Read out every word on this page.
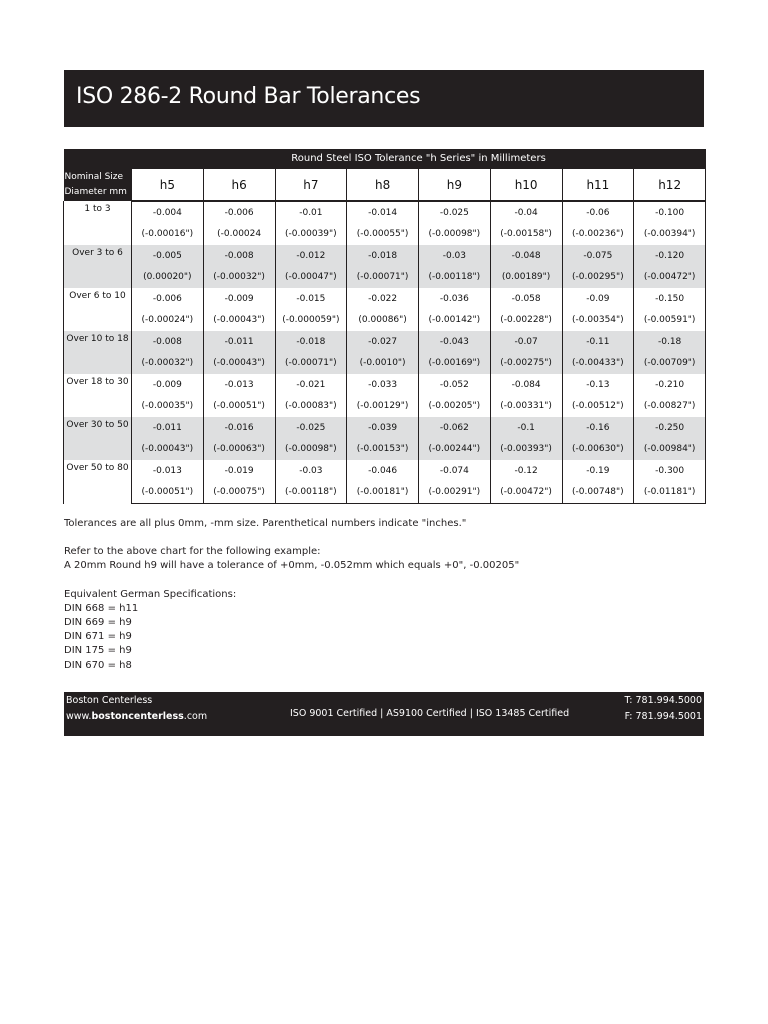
ISO 286-2 Round Bar Tolerances
	Round Steel ISO Tolerance "h Series" in Millimeters							

Nominal Size
Diameter mm	h5	h6	h7	h8	h9	h10	h11	h12
1 to 3	-0.004	-0.006	-0.01	-0.014	-0.025	-0.04	-0.06	-0.100
	(-0.00016")	(-0.00024	(-0.00039")	(-0.00055")	(-0.00098")	(-0.00158")	(-0.00236")	(-0.00394")
Over 3 to 6	-0.005	-0.008	-0.012	-0.018	-0.03	-0.048	-0.075	-0.120
	(0.00020")	(-0.00032")	(-0.00047")	(-0.00071")	(-0.00118")	(0.00189")	(-0.00295")	(-0.00472")
Over 6 to 10	-0.006	-0.009	-0.015	-0.022	-0.036	-0.058	-0.09	-0.150
	(-0.00024")	(-0.00043")	(-0.000059")	(0.00086")	(-0.00142")	(-0.00228")	(-0.00354")	(-0.00591")
Over 10 to 18	-0.008	-0.011	-0.018	-0.027	-0.043	-0.07	-0.11	-0.18
	(-0.00032")	(-0.00043")	(-0.00071")	(-0.0010")	(-0.00169")	(-0.00275")	(-0.00433")	(-0.00709")
Over 18 to 30	-0.009	-0.013	-0.021	-0.033	-0.052	-0.084	-0.13	-0.210
	(-0.00035")	(-0.00051")	(-0.00083")	(-0.00129")	(-0.00205")	(-0.00331")	(-0.00512")	(-0.00827")
Over 30 to 50	-0.011	-0.016	-0.025	-0.039	-0.062	-0.1	-0.16	-0.250
	(-0.00043")	(-0.00063")	(-0.00098")	(-0.00153")	(-0.00244")	(-0.00393")	(-0.00630")	(-0.00984")
Over 50 to 80	-0.013	-0.019	-0.03	-0.046	-0.074	-0.12	-0.19	-0.300
	(-0.00051")	(-0.00075")	(-0.00118")	(-0.00181")	(-0.00291")	(-0.00472")	(-0.00748")	(-0.01181")
Tolerances are all plus 0mm, -mm size. Parenthetical numbers indicate "inches."
Refer to the above chart for the following example:
A 20mm Round h9 will have a tolerance of +0mm, -0.052mm which equals +0", -0.00205"
Equivalent German Specifications:
DIN 668 = h11
DIN 669 = h9
DIN 671 = h9
DIN 175 = h9
DIN 670 = h8
Boston Centerless
www.bostoncenterless.com	ISO 9001 Certified | AS9100 Certified | ISO 13485 Certified
T: 781.994.5000
F: 781.994.5001
